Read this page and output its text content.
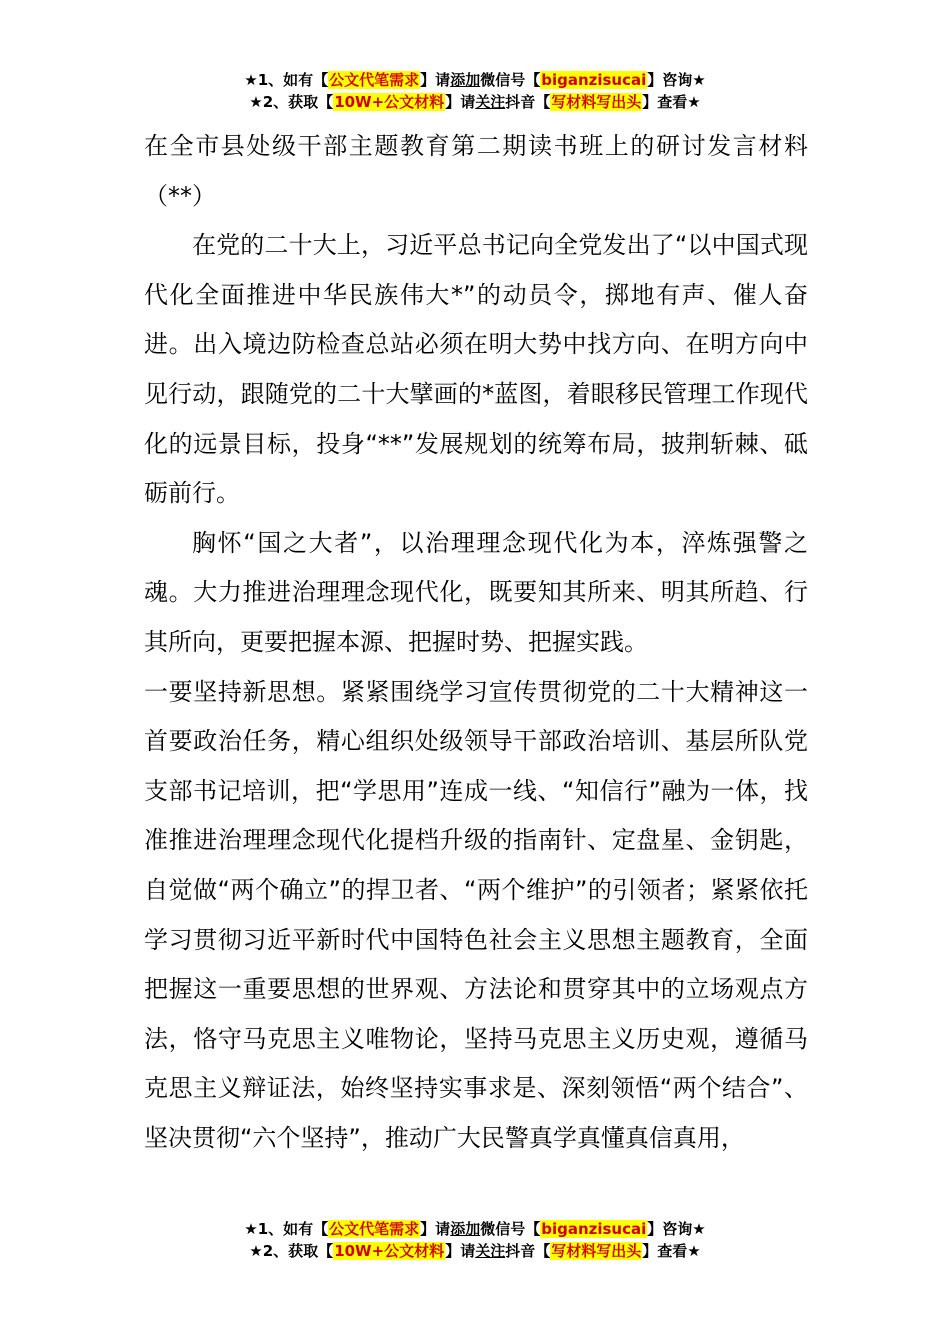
★1、如有【公文代笔需求】请添加微信号【biganzisucai】咨询★
★2、获取【10W+公文材料】请关注抖音【写材料写出头】查看★

在全市县处级干部主题教育第二期读书班上的研讨发言材料（**）

在党的二十大上，习近平总书记向全党发出了“以中国式现代化全面推进中华民族伟大*”的动员令，掷地有声、催人奋进。出入境边防检查总站必须在明大势中找方向、在明方向中见行动，跟随党的二十大擘画的*蓝图，着眼移民管理工作现代化的远景目标，投身“**”发展规划的统筹布局，披荆斩棘、砥砺前行。

胸怀“国之大者”，以治理理念现代化为本，淬炼强警之魂。大力推进治理理念现代化，既要知其所来、明其所趋、行其所向，更要把握本源、把握时势、把握实践。

一要坚持新思想。紧紧围绕学习宣传贯彻党的二十大精神这一首要政治任务，精心组织处级领导干部政治培训、基层所队党支部书记培训，把“学思用”连成一线、“知信行”融为一体，找准推进治理理念现代化提档升级的指南针、定盘星、金钥匙，自觉做“两个确立”的捍卫者、“两个维护”的引领者；紧紧依托学习贯彻习近平新时代中国特色社会主义思想主题教育，全面把握这一重要思想的世界观、方法论和贯穿其中的立场观点方法，恪守马克思主义唯物论，坚持马克思主义历史观，遵循马克思主义辩证法，始终坚持实事求是、深刻领悟“两个结合”、坚决贯彻“六个坚持”，推动广大民警真学真懂真信真用，

★1、如有【公文代笔需求】请添加微信号【biganzisucai】咨询★
★2、获取【10W+公文材料】请关注抖音【写材料写出头】查看★
